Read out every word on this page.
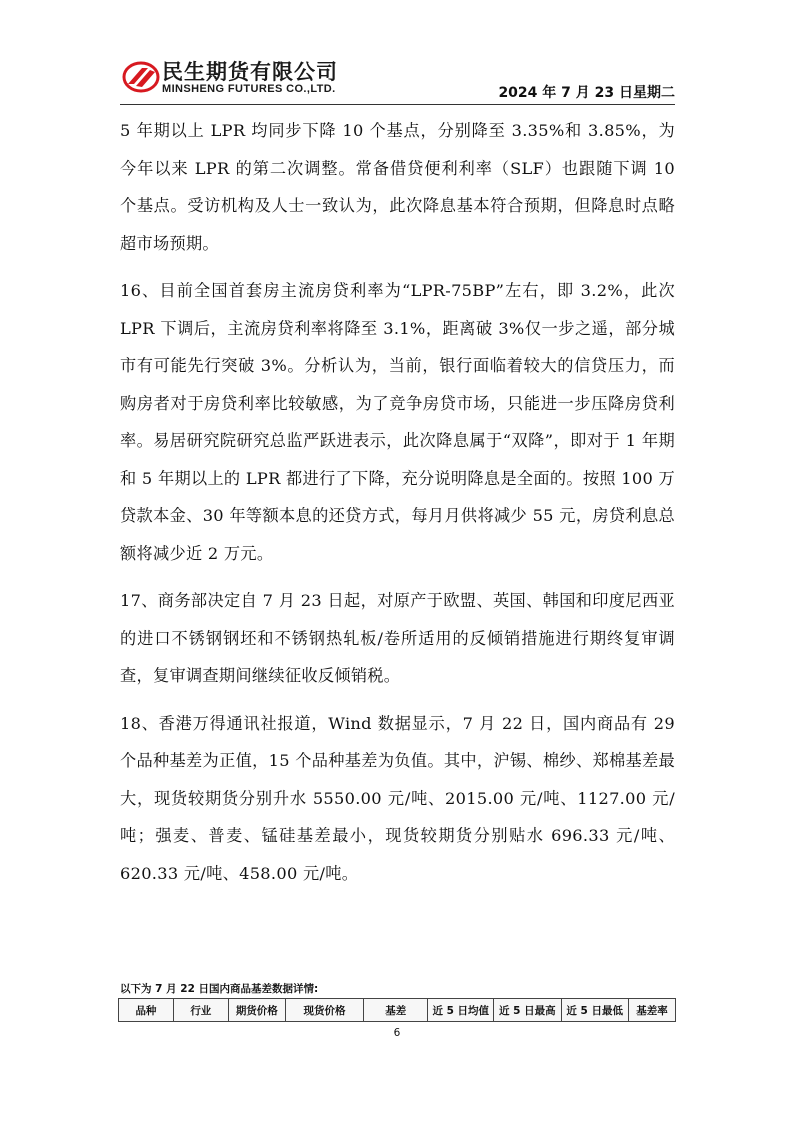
民生期货有限公司
MINSHENG FUTURES CO.,LTD.	2024 年 7 月 23 日星期二

5 年期以上 LPR 均同步下降 10 个基点，分别降至 3.35%和 3.85%，为今年以来 LPR 的第二次调整。常备借贷便利利率（SLF）也跟随下调 10 个基点。受访机构及人士一致认为，此次降息基本符合预期，但降息时点略超市场预期。

16、目前全国首套房主流房贷利率为“LPR-75BP”左右，即 3.2%，此次 LPR 下调后，主流房贷利率将降至 3.1%，距离破 3%仅一步之遥，部分城市有可能先行突破 3%。分析认为，当前，银行面临着较大的信贷压力，而购房者对于房贷利率比较敏感，为了竞争房贷市场，只能进一步压降房贷利率。易居研究院研究总监严跃进表示，此次降息属于“双降”，即对于 1 年期和 5 年期以上的 LPR 都进行了下降，充分说明降息是全面的。按照 100 万贷款本金、30 年等额本息的还贷方式，每月月供将减少 55 元，房贷利息总额将减少近 2 万元。

17、商务部决定自 7 月 23 日起，对原产于欧盟、英国、韩国和印度尼西亚的进口不锈钢钢坯和不锈钢热轧板/卷所适用的反倾销措施进行期终复审调查，复审调查期间继续征收反倾销税。

18、香港万得通讯社报道，Wind 数据显示，7 月 22 日，国内商品有 29 个品种基差为正值，15 个品种基差为负值。其中，沪锡、棉纱、郑棉基差最大，现货较期货分别升水 5550.00 元/吨、2015.00 元/吨、1127.00 元/吨；强麦、普麦、锰硅基差最小，现货较期货分别贴水 696.33 元/吨、620.33 元/吨、458.00 元/吨。

以下为 7 月 22 日国内商品基差数据详情:
品种	行业	期货价格	现货价格	基差	近 5 日均值	近 5 日最高	近 5 日最低	基差率
6
